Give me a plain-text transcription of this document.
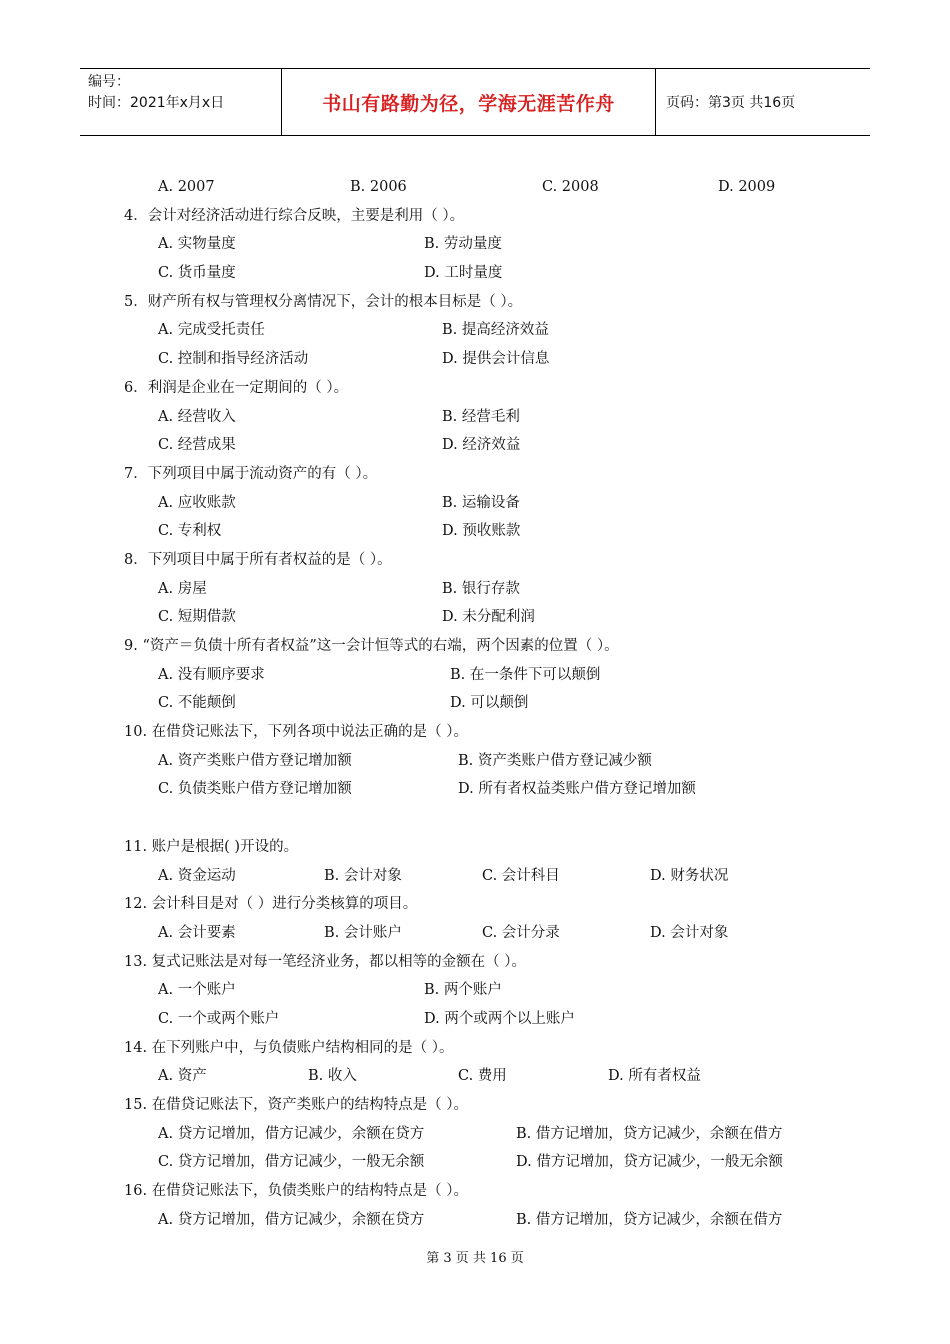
编号：
时间：2021年x月x日	书山有路勤为径，学海无涯苦作舟	页码：第3页 共16页
A. 2007	B. 2006	C. 2008	D. 2009
4．会计对经济活动进行综合反映，主要是利用（ ）。
A. 实物量度	B. 劳动量度
C. 货币量度	D. 工时量度
5．财产所有权与管理权分离情况下，会计的根本目标是（ ）。
A. 完成受托责任	B. 提高经济效益
C. 控制和指导经济活动	D. 提供会计信息
6．利润是企业在一定期间的（ ）。
A. 经营收入	B. 经营毛利
C. 经营成果	D. 经济效益
7．下列项目中属于流动资产的有（ ）。
A. 应收账款	B. 运输设备
C. 专利权	D. 预收账款
8．下列项目中属于所有者权益的是（ ）。
A. 房屋	B. 银行存款
C. 短期借款	D. 未分配利润
9. “资产＝负债十所有者权益”这一会计恒等式的右端，两个因素的位置（ ）。
A. 没有顺序要求	B. 在一条件下可以颠倒
C. 不能颠倒	D. 可以颠倒
10. 在借贷记账法下，下列各项中说法正确的是（ ）。
A. 资产类账户借方登记增加额	B. 资产类账户借方登记减少额
C. 负债类账户借方登记增加额	D. 所有者权益类账户借方登记增加额
11. 账户是根据( )开设的。
A. 资金运动	B. 会计对象	C. 会计科目	D. 财务状况
12. 会计科目是对（ ）进行分类核算的项目。
A. 会计要素	B. 会计账户	C. 会计分录	D. 会计对象
13. 复式记账法是对每一笔经济业务，都以相等的金额在（ ）。
A. 一个账户	B. 两个账户
C. 一个或两个账户	D. 两个或两个以上账户
14. 在下列账户中，与负债账户结构相同的是（ ）。
A. 资产	B. 收入	C. 费用	D. 所有者权益
15. 在借贷记账法下，资产类账户的结构特点是（ ）。
A. 贷方记增加，借方记减少，余额在贷方	B. 借方记增加，贷方记减少，余额在借方
C. 贷方记增加，借方记减少，一般无余额	D. 借方记增加，贷方记减少，一般无余额
16. 在借贷记账法下，负债类账户的结构特点是（ ）。
A. 贷方记增加，借方记减少，余额在贷方	B. 借方记增加，贷方记减少，余额在借方
第 3 页 共 16 页
